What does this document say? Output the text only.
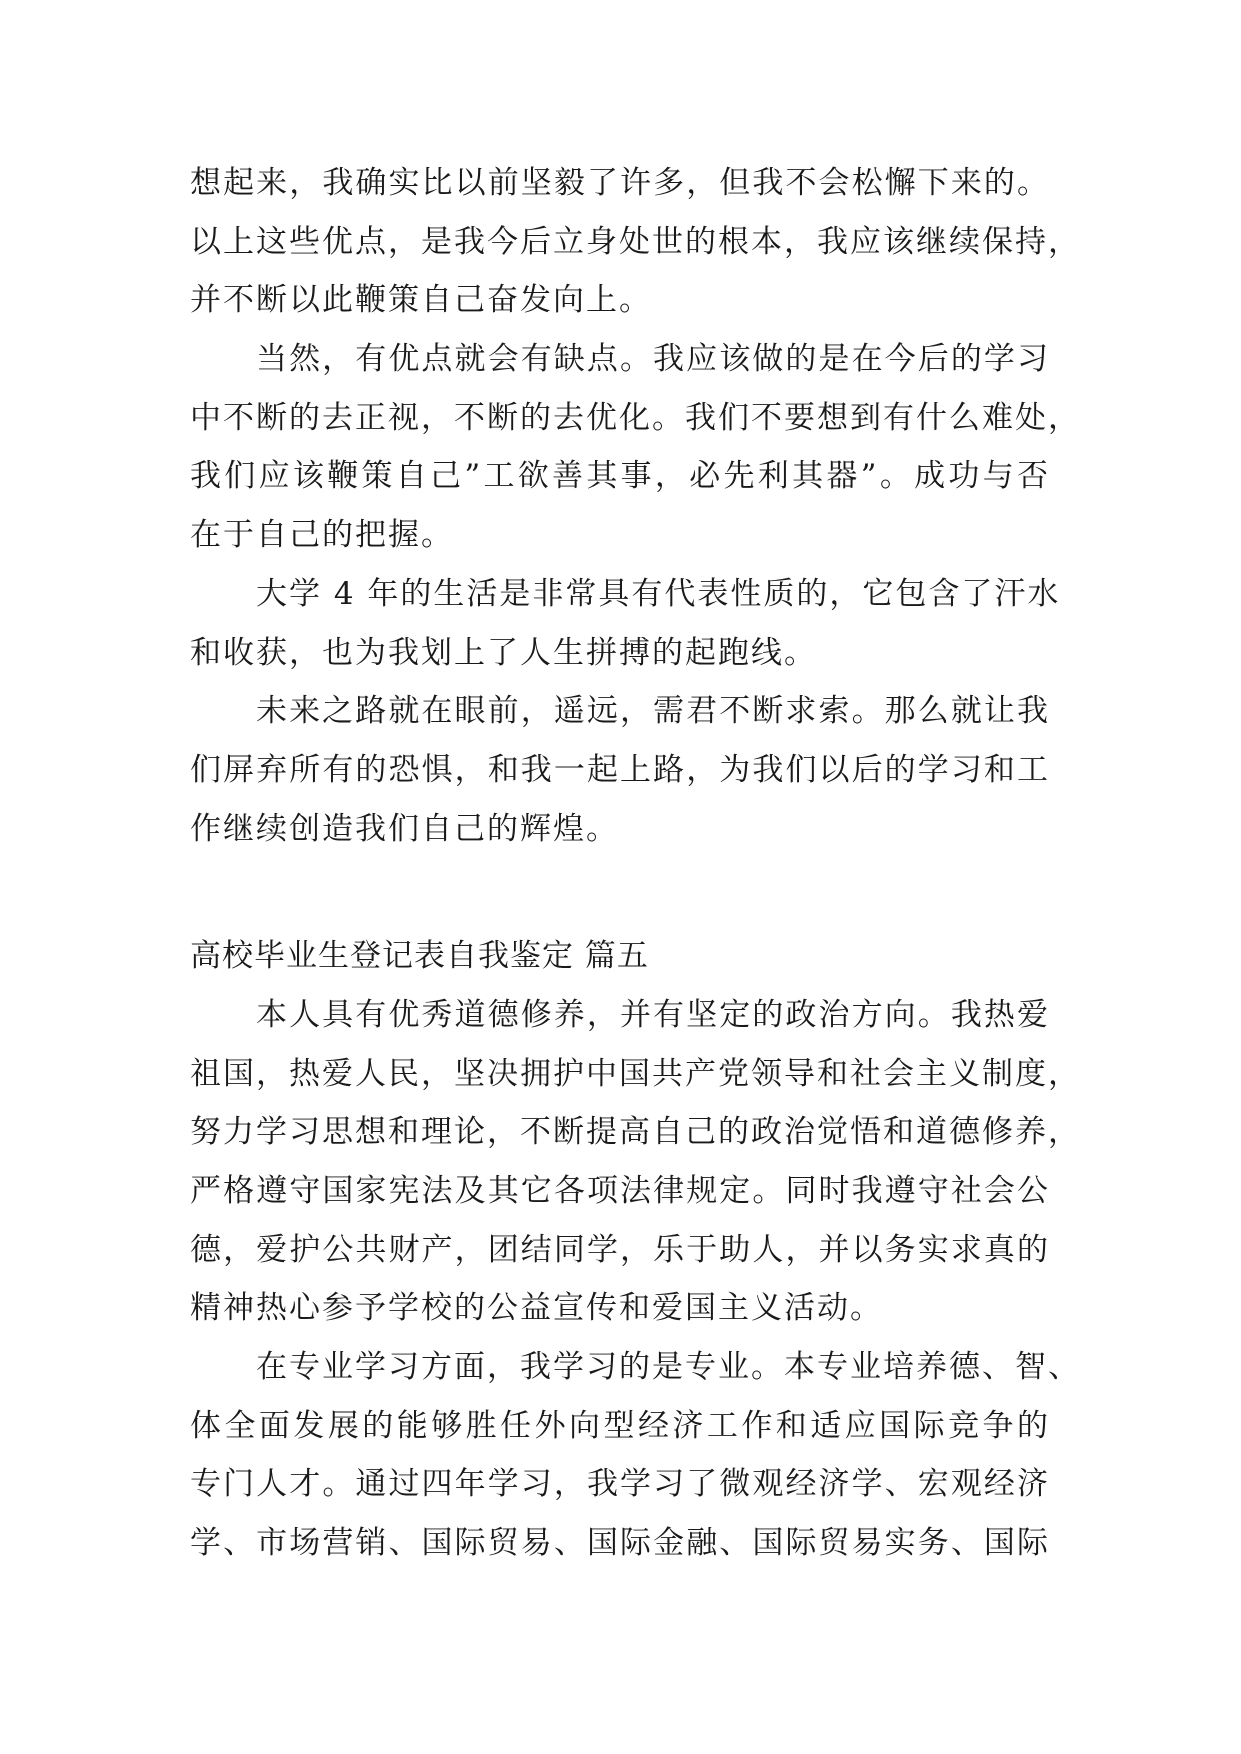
想起来，我确实比以前坚毅了许多，但我不会松懈下来的。
以上这些优点，是我今后立身处世的根本，我应该继续保持，
并不断以此鞭策自己奋发向上。
当然，有优点就会有缺点。我应该做的是在今后的学习
中不断的去正视，不断的去优化。我们不要想到有什么难处，
我们应该鞭策自己”工欲善其事，必先利其器”。成功与否
在于自己的把握。
大学 4 年的生活是非常具有代表性质的，它包含了汗水
和收获，也为我划上了人生拼搏的起跑线。
未来之路就在眼前，遥远，需君不断求索。那么就让我
们屏弃所有的恐惧，和我一起上路，为我们以后的学习和工
作继续创造我们自己的辉煌。
高校毕业生登记表自我鉴定 篇五
本人具有优秀道德修养，并有坚定的政治方向。我热爱
祖国，热爱人民，坚决拥护中国共产党领导和社会主义制度，
努力学习思想和理论，不断提高自己的政治觉悟和道德修养，
严格遵守国家宪法及其它各项法律规定。同时我遵守社会公
德，爱护公共财产，团结同学，乐于助人，并以务实求真的
精神热心参予学校的公益宣传和爱国主义活动。
在专业学习方面，我学习的是专业。本专业培养德、智、
体全面发展的能够胜任外向型经济工作和适应国际竞争的
专门人才。通过四年学习，我学习了微观经济学、宏观经济
学、市场营销、国际贸易、国际金融、国际贸易实务、国际
